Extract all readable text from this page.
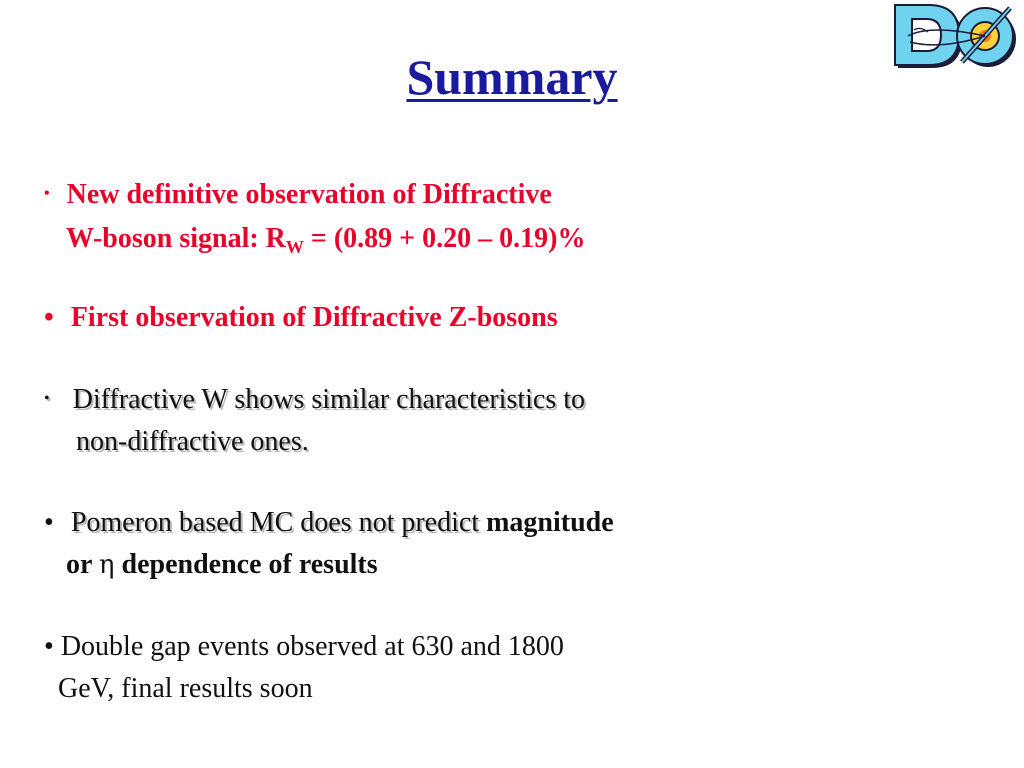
Summary
• New definitive observation of Diffractive
W-boson signal: $R_W = (0.89 + 0.20 - 0.19)\%$
• First observation of Diffractive Z-bosons
• Diffractive W shows similar characteristics to
non-diffractive ones.
• Pomeron based MC does not predict magnitude
or η dependence of results
• Double gap events observed at 630 and 1800
GeV, final results soon
